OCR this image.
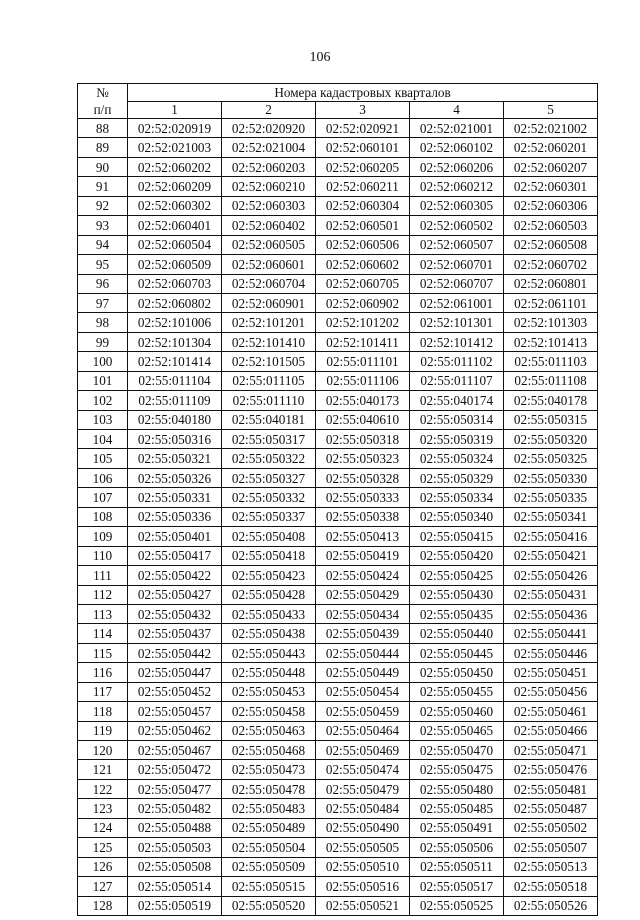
106
№
п/п	Номера кадастровых кварталов				
	1	2	3	4	5
88	02:52:020919	02:52:020920	02:52:020921	02:52:021001	02:52:021002
89	02:52:021003	02:52:021004	02:52:060101	02:52:060102	02:52:060201
90	02:52:060202	02:52:060203	02:52:060205	02:52:060206	02:52:060207
91	02:52:060209	02:52:060210	02:52:060211	02:52:060212	02:52:060301
92	02:52:060302	02:52:060303	02:52:060304	02:52:060305	02:52:060306
93	02:52:060401	02:52:060402	02:52:060501	02:52:060502	02:52:060503
94	02:52:060504	02:52:060505	02:52:060506	02:52:060507	02:52:060508
95	02:52:060509	02:52:060601	02:52:060602	02:52:060701	02:52:060702
96	02:52:060703	02:52:060704	02:52:060705	02:52:060707	02:52:060801
97	02:52:060802	02:52:060901	02:52:060902	02:52:061001	02:52:061101
98	02:52:101006	02:52:101201	02:52:101202	02:52:101301	02:52:101303
99	02:52:101304	02:52:101410	02:52:101411	02:52:101412	02:52:101413
100	02:52:101414	02:52:101505	02:55:011101	02:55:011102	02:55:011103
101	02:55:011104	02:55:011105	02:55:011106	02:55:011107	02:55:011108
102	02:55:011109	02:55:011110	02:55:040173	02:55:040174	02:55:040178
103	02:55:040180	02:55:040181	02:55:040610	02:55:050314	02:55:050315
104	02:55:050316	02:55:050317	02:55:050318	02:55:050319	02:55:050320
105	02:55:050321	02:55:050322	02:55:050323	02:55:050324	02:55:050325
106	02:55:050326	02:55:050327	02:55:050328	02:55:050329	02:55:050330
107	02:55:050331	02:55:050332	02:55:050333	02:55:050334	02:55:050335
108	02:55:050336	02:55:050337	02:55:050338	02:55:050340	02:55:050341
109	02:55:050401	02:55:050408	02:55:050413	02:55:050415	02:55:050416
110	02:55:050417	02:55:050418	02:55:050419	02:55:050420	02:55:050421
111	02:55:050422	02:55:050423	02:55:050424	02:55:050425	02:55:050426
112	02:55:050427	02:55:050428	02:55:050429	02:55:050430	02:55:050431
113	02:55:050432	02:55:050433	02:55:050434	02:55:050435	02:55:050436
114	02:55:050437	02:55:050438	02:55:050439	02:55:050440	02:55:050441
115	02:55:050442	02:55:050443	02:55:050444	02:55:050445	02:55:050446
116	02:55:050447	02:55:050448	02:55:050449	02:55:050450	02:55:050451
117	02:55:050452	02:55:050453	02:55:050454	02:55:050455	02:55:050456
118	02:55:050457	02:55:050458	02:55:050459	02:55:050460	02:55:050461
119	02:55:050462	02:55:050463	02:55:050464	02:55:050465	02:55:050466
120	02:55:050467	02:55:050468	02:55:050469	02:55:050470	02:55:050471
121	02:55:050472	02:55:050473	02:55:050474	02:55:050475	02:55:050476
122	02:55:050477	02:55:050478	02:55:050479	02:55:050480	02:55:050481
123	02:55:050482	02:55:050483	02:55:050484	02:55:050485	02:55:050487
124	02:55:050488	02:55:050489	02:55:050490	02:55:050491	02:55:050502
125	02:55:050503	02:55:050504	02:55:050505	02:55:050506	02:55:050507
126	02:55:050508	02:55:050509	02:55:050510	02:55:050511	02:55:050513
127	02:55:050514	02:55:050515	02:55:050516	02:55:050517	02:55:050518
128	02:55:050519	02:55:050520	02:55:050521	02:55:050525	02:55:050526
